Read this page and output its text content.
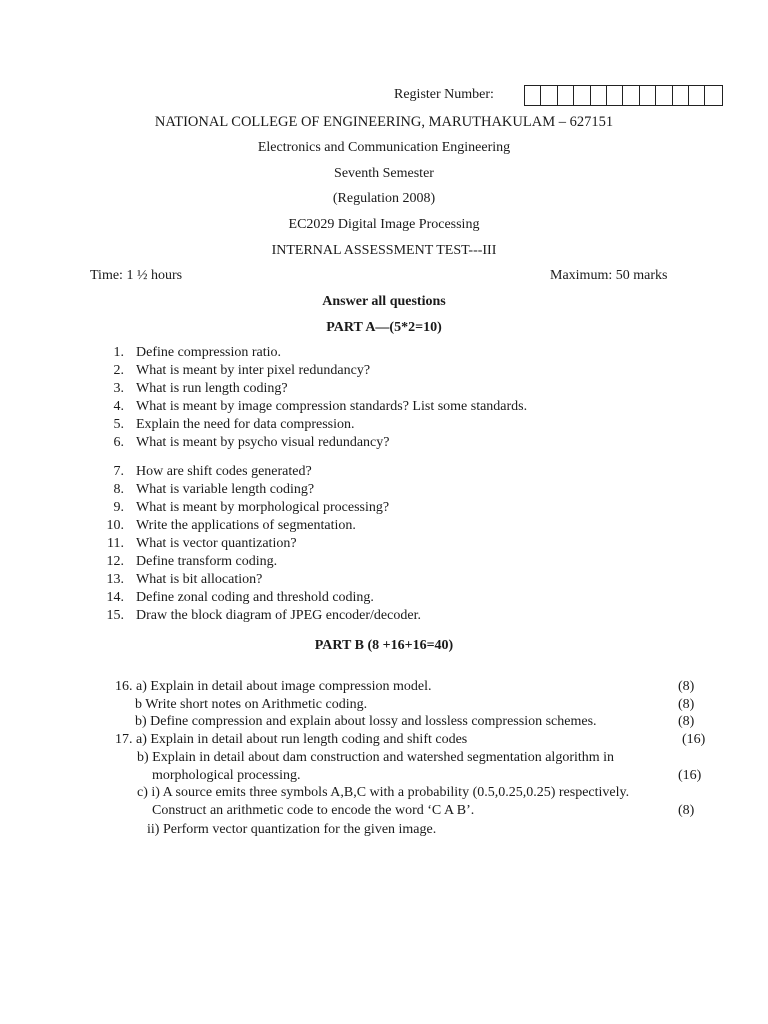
Register Number:
NATIONAL COLLEGE OF ENGINEERING, MARUTHAKULAM – 627151
Electronics and Communication Engineering
Seventh Semester
(Regulation 2008)
EC2029 Digital Image Processing
INTERNAL ASSESSMENT TEST---III
Time: 1 ½ hours	Maximum: 50 marks
Answer all questions
PART A—(5*2=10)
1. Define compression ratio.
2. What is meant by inter pixel redundancy?
3. What is run length coding?
4. What is meant by image compression standards? List some standards.
5. Explain the need for data compression.
6. What is meant by psycho visual redundancy?
7. How are shift codes generated?
8. What is variable length coding?
9. What is meant by morphological processing?
10. Write the applications of segmentation.
11. What is vector quantization?
12. Define transform coding.
13. What is bit allocation?
14. Define zonal coding and threshold coding.
15. Draw the block diagram of JPEG encoder/decoder.
PART B (8 +16+16=40)
16. a) Explain in detail about image compression model.	(8)
b Write short notes on Arithmetic coding.	(8)
b) Define compression and explain about lossy and lossless compression schemes.	(8)
17. a) Explain in detail about run length coding and shift codes	(16)
b) Explain in detail about dam construction and watershed segmentation algorithm in
morphological processing.	(16)
c) i) A source emits three symbols A,B,C with a probability (0.5,0.25,0.25) respectively.
Construct an arithmetic code to encode the word ‘C A B’.	(8)
ii) Perform vector quantization for the given image.
